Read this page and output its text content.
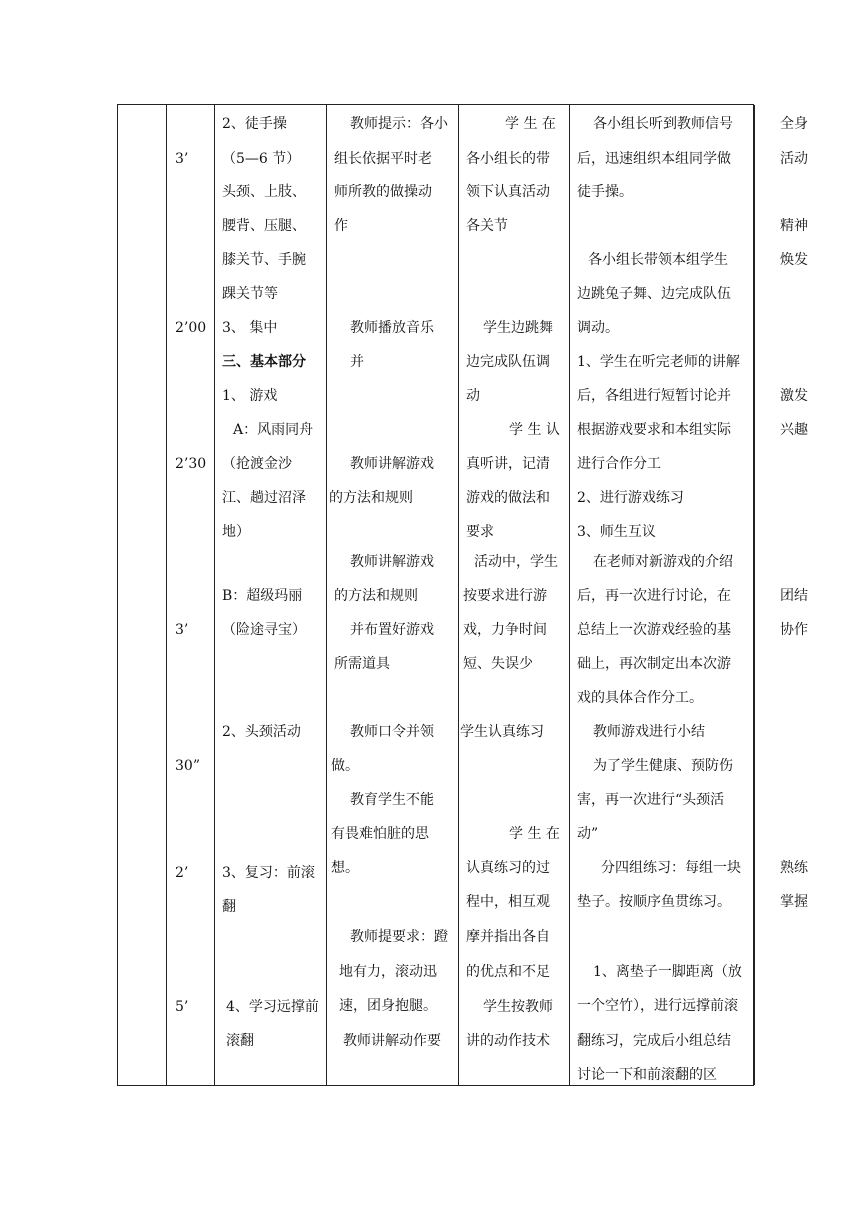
3’
2’00
2’30
3’
30”
2’
5’
2、徒手操
（5—6 节）
头颈、上肢、
腰背、压腿、
膝关节、手腕
踝关节等
3、 集中
三、基本部分
1、 游戏
A：风雨同舟
（抢渡金沙
江、趟过沼泽
地）
B：超级玛丽
（险途寻宝）
2、头颈活动
3、复习：前滚
翻
4、学习远撑前
滚翻
教师提示：各小
组长依据平时老
师所教的做操动
作
教师播放音乐
并
教师讲解游戏
的方法和规则
教师讲解游戏
的方法和规则
并布置好游戏
所需道具
教师口令并领
做。
教育学生不能
有畏难怕脏的思
想。
教师提要求：蹬
地有力，滚动迅
速，团身抱腿。
教师讲解动作要
学 生 在
各小组长的带
领下认真活动
各关节
学生边跳舞
边完成队伍调
动
学 生 认
真听讲，记清
游戏的做法和
要求
活动中，学生
按要求进行游
戏，力争时间
短、失误少
学生认真练习
学 生 在
认真练习的过
程中，相互观
摩并指出各自
的优点和不足
学生按教师
讲的动作技术
各小组长听到教师信号
后，迅速组织本组同学做
徒手操。
各小组长带领本组学生
边跳兔子舞、边完成队伍
调动。
1、学生在听完老师的讲解
后，各组进行短暂讨论并
根据游戏要求和本组实际
进行合作分工
2、进行游戏练习
3、师生互议
在老师对新游戏的介绍
后，再一次进行讨论，在
总结上一次游戏经验的基
础上，再次制定出本次游
戏的具体合作分工。
教师游戏进行小结
为了学生健康、预防伤
害，再一次进行“头颈活
动”
分四组练习：每组一块
垫子。按顺序鱼贯练习。
1、离垫子一脚距离（放
一个空竹），进行远撑前滚
翻练习，完成后小组总结
讨论一下和前滚翻的区
全身
活动
精神
焕发
激发
兴趣
团结
协作
熟练
掌握
